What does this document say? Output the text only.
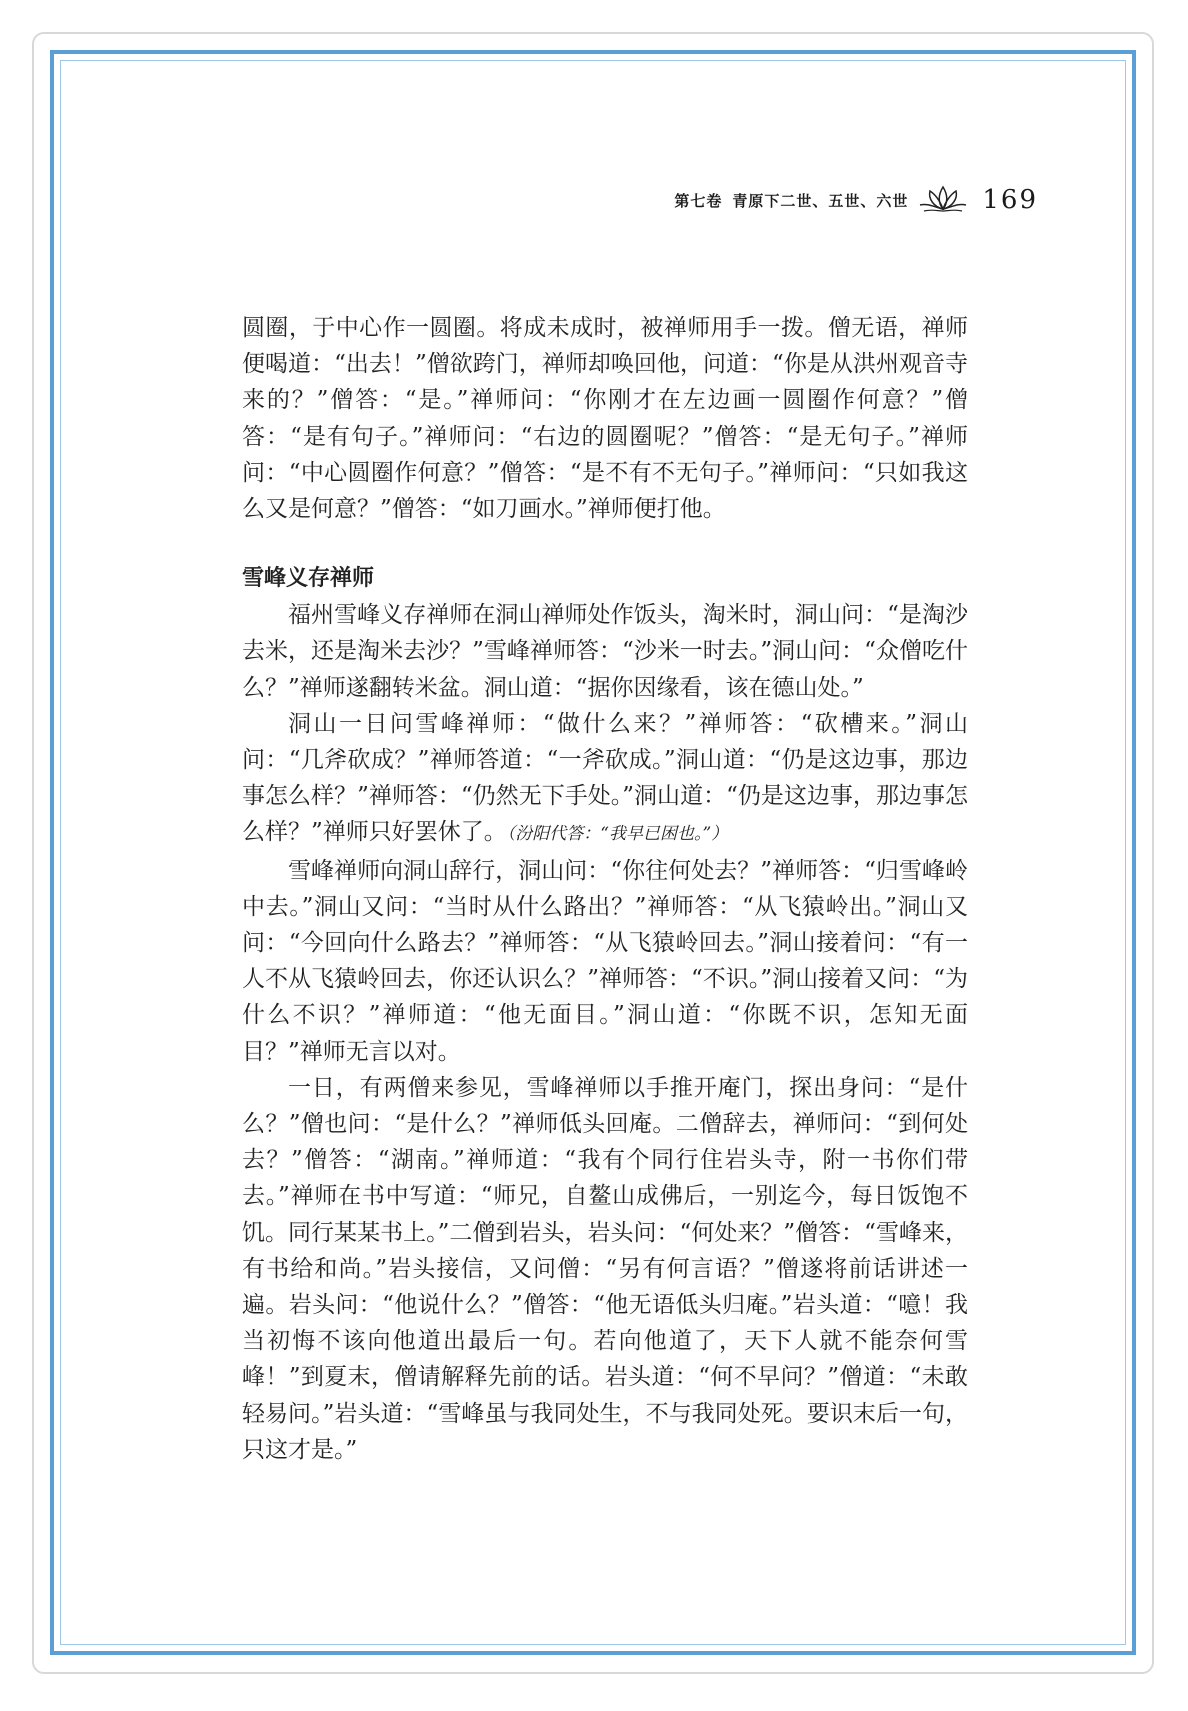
第七卷 青原下二世、五世、六世	169

圆圈，于中心作一圆圈。将成未成时，被禅师用手一拨。僧无语，禅师便喝道：“出去！”僧欲跨门，禅师却唤回他，问道：“你是从洪州观音寺来的？”僧答：“是。”禅师问：“你刚才在左边画一圆圈作何意？”僧答：“是有句子。”禅师问：“右边的圆圈呢？”僧答：“是无句子。”禅师问：“中心圆圈作何意？”僧答：“是不有不无句子。”禅师问：“只如我这么又是何意？”僧答：“如刀画水。”禅师便打他。

雪峰义存禅师

福州雪峰义存禅师在洞山禅师处作饭头，淘米时，洞山问：“是淘沙去米，还是淘米去沙？”雪峰禅师答：“沙米一时去。”洞山问：“众僧吃什么？”禅师遂翻转米盆。洞山道：“据你因缘看，该在德山处。”

洞山一日问雪峰禅师：“做什么来？”禅师答：“砍槽来。”洞山问：“几斧砍成？”禅师答道：“一斧砍成。”洞山道：“仍是这边事，那边事怎么样？”禅师答：“仍然无下手处。”洞山道：“仍是这边事，那边事怎么样？”禅师只好罢休了。（汾阳代答：“我早已困也。”）

雪峰禅师向洞山辞行，洞山问：“你往何处去？”禅师答：“归雪峰岭中去。”洞山又问：“当时从什么路出？”禅师答：“从飞猿岭出。”洞山又问：“今回向什么路去？”禅师答：“从飞猿岭回去。”洞山接着问：“有一人不从飞猿岭回去，你还认识么？”禅师答：“不识。”洞山接着又问：“为什么不识？”禅师道：“他无面目。”洞山道：“你既不识，怎知无面目？”禅师无言以对。

一日，有两僧来参见，雪峰禅师以手推开庵门，探出身问：“是什么？”僧也问：“是什么？”禅师低头回庵。二僧辞去，禅师问：“到何处去？”僧答：“湖南。”禅师道：“我有个同行住岩头寺，附一书你们带去。”禅师在书中写道：“师兄，自鳌山成佛后，一别迄今，每日饭饱不饥。同行某某书上。”二僧到岩头，岩头问：“何处来？”僧答：“雪峰来，有书给和尚。”岩头接信，又问僧：“另有何言语？”僧遂将前话讲述一遍。岩头问：“他说什么？”僧答：“他无语低头归庵。”岩头道：“噫！我当初悔不该向他道出最后一句。若向他道了，天下人就不能奈何雪峰！”到夏末，僧请解释先前的话。岩头道：“何不早问？”僧道：“未敢轻易问。”岩头道：“雪峰虽与我同处生，不与我同处死。要识末后一句，只这才是。”
